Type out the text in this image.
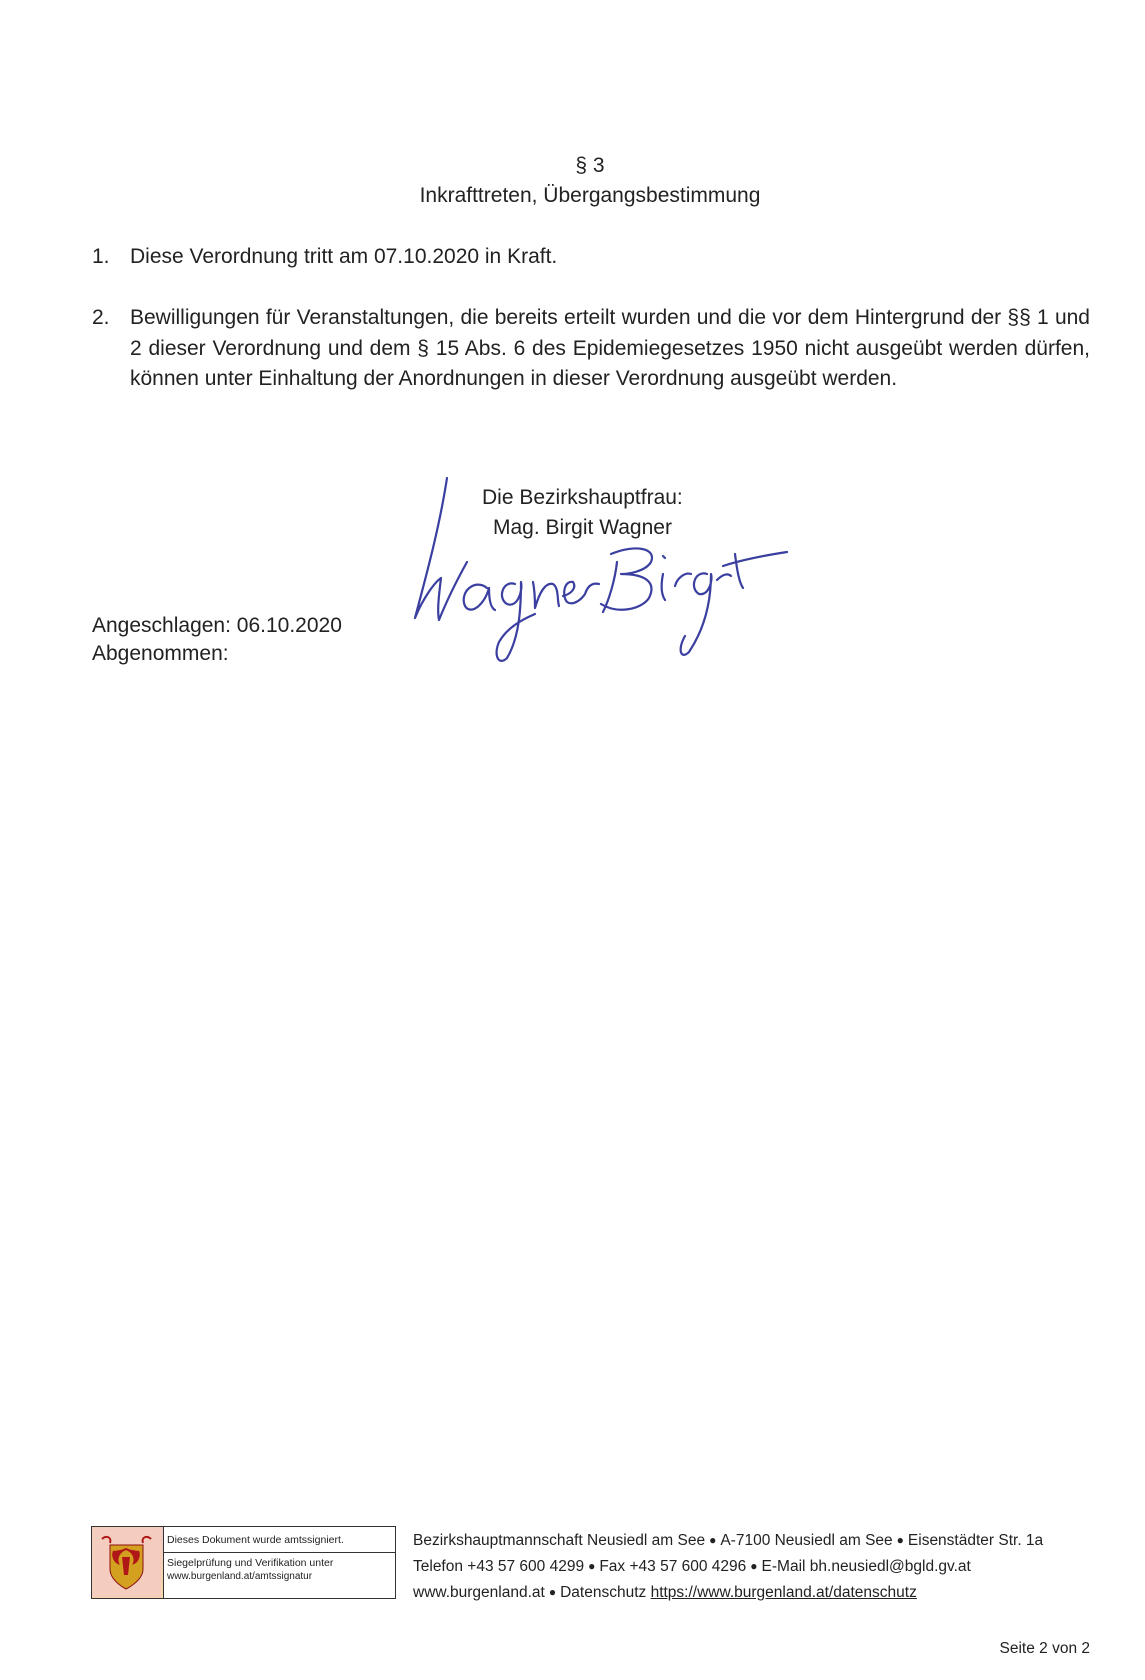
§ 3
Inkrafttreten, Übergangsbestimmung
1. Diese Verordnung tritt am 07.10.2020 in Kraft.
2. Bewilligungen für Veranstaltungen, die bereits erteilt wurden und die vor dem Hintergrund der §§ 1 und 2 dieser Verordnung und dem § 15 Abs. 6 des Epidemiegesetzes 1950 nicht ausgeübt werden dürfen, können unter Einhaltung der Anordnungen in dieser Verordnung ausgeübt werden.
Die Bezirkshauptfrau:
Mag. Birgit Wagner
Angeschlagen: 06.10.2020
Abgenommen:
Dieses Dokument wurde amtssigniert.
Siegelprüfung und Verifikation unter
www.burgenland.at/amtssignatur
Bezirkshauptmannschaft Neusiedl am See ● A-7100 Neusiedl am See ● Eisenstädter Str. 1a
Telefon +43 57 600 4299 ● Fax +43 57 600 4296 ● E-Mail bh.neusiedl@bgld.gv.at
www.burgenland.at ● Datenschutz https://www.burgenland.at/datenschutz
Seite 2 von 2
